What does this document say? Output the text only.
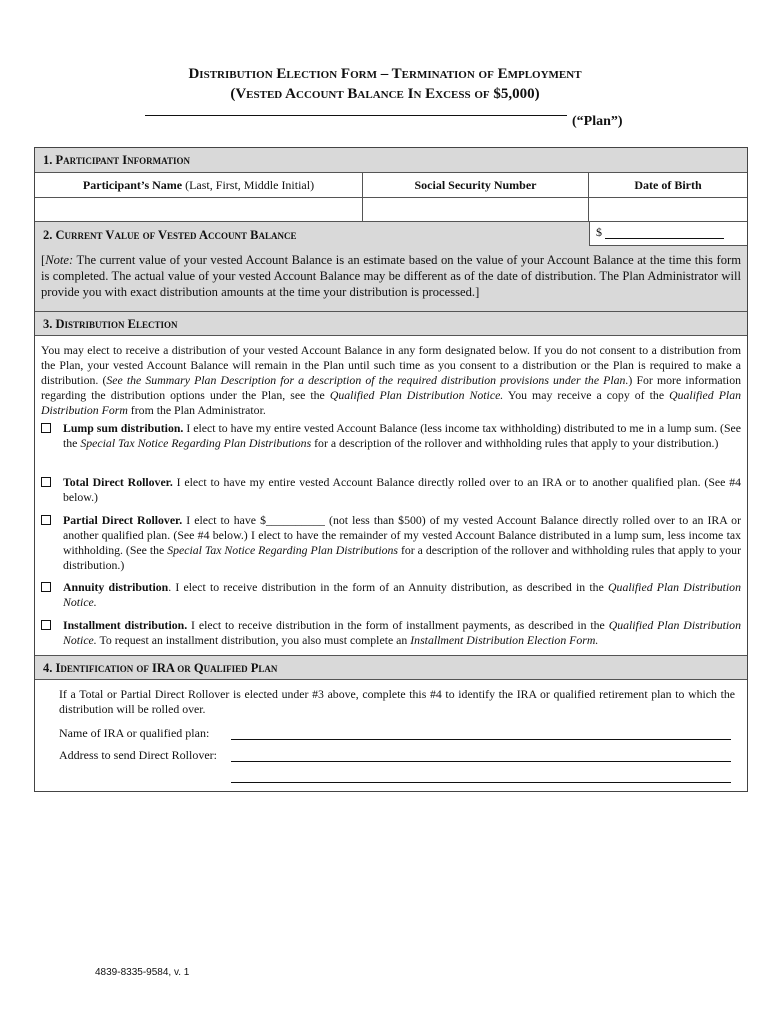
Distribution Election Form – Termination of Employment
(Vested Account Balance In Excess of $5,000)
(“Plan”)
1. Participant Information
Participant’s Name (Last, First, Middle Initial)	Social Security Number	Date of Birth
2. Current Value of Vested Account Balance	$
[Note: The current value of your vested Account Balance is an estimate based on the value of your Account Balance at the time this form is completed. The actual value of your vested Account Balance may be different as of the date of distribution. The Plan Administrator will provide you with exact distribution amounts at the time your distribution is processed.]
3. Distribution Election
You may elect to receive a distribution of your vested Account Balance in any form designated below. If you do not consent to a distribution from the Plan, your vested Account Balance will remain in the Plan until such time as you consent to a distribution or the Plan is required to make a distribution. (See the Summary Plan Description for a description of the required distribution provisions under the Plan.) For more information regarding the distribution options under the Plan, see the Qualified Plan Distribution Notice. You may receive a copy of the Qualified Plan Distribution Form from the Plan Administrator.
Lump sum distribution. I elect to have my entire vested Account Balance (less income tax withholding) distributed to me in a lump sum. (See the Special Tax Notice Regarding Plan Distributions for a description of the rollover and withholding rules that apply to your distribution.)
Total Direct Rollover. I elect to have my entire vested Account Balance directly rolled over to an IRA or to another qualified plan. (See #4 below.)
Partial Direct Rollover. I elect to have $__________ (not less than $500) of my vested Account Balance directly rolled over to an IRA or another qualified plan. (See #4 below.) I elect to have the remainder of my vested Account Balance distributed in a lump sum, less income tax withholding. (See the Special Tax Notice Regarding Plan Distributions for a description of the rollover and withholding rules that apply to your distribution.)
Annuity distribution. I elect to receive distribution in the form of an Annuity distribution, as described in the Qualified Plan Distribution Notice.
Installment distribution. I elect to receive distribution in the form of installment payments, as described in the Qualified Plan Distribution Notice. To request an installment distribution, you also must complete an Installment Distribution Election Form.
4. Identification of IRA or Qualified Plan
If a Total or Partial Direct Rollover is elected under #3 above, complete this #4 to identify the IRA or qualified retirement plan to which the distribution will be rolled over.
Name of IRA or qualified plan:
Address to send Direct Rollover:
4839-8335-9584, v. 1
